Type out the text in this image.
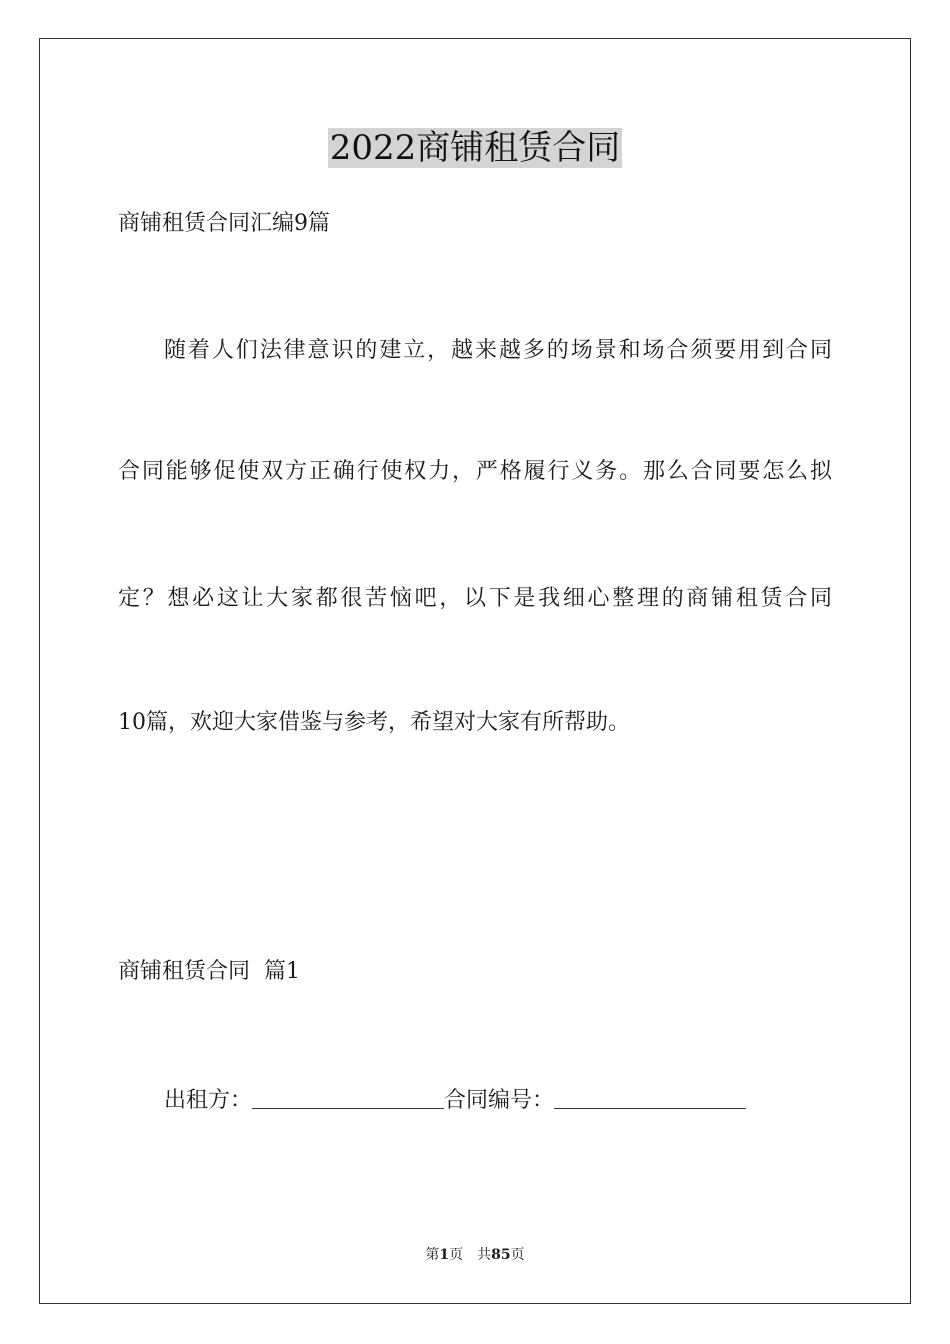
2022商铺租赁合同
商铺租赁合同汇编9篇
随着人们法律意识的建立，越来越多的场景和场合须要用到合同
合同能够促使双方正确行使权力，严格履行义务。那么合同要怎么拟
定？想必这让大家都很苦恼吧，以下是我细心整理的商铺租赁合同
10篇，欢迎大家借鉴与参考，希望对大家有所帮助。
商铺租赁合同  篇1
出租方：	合同编号：
第1页　共85页
